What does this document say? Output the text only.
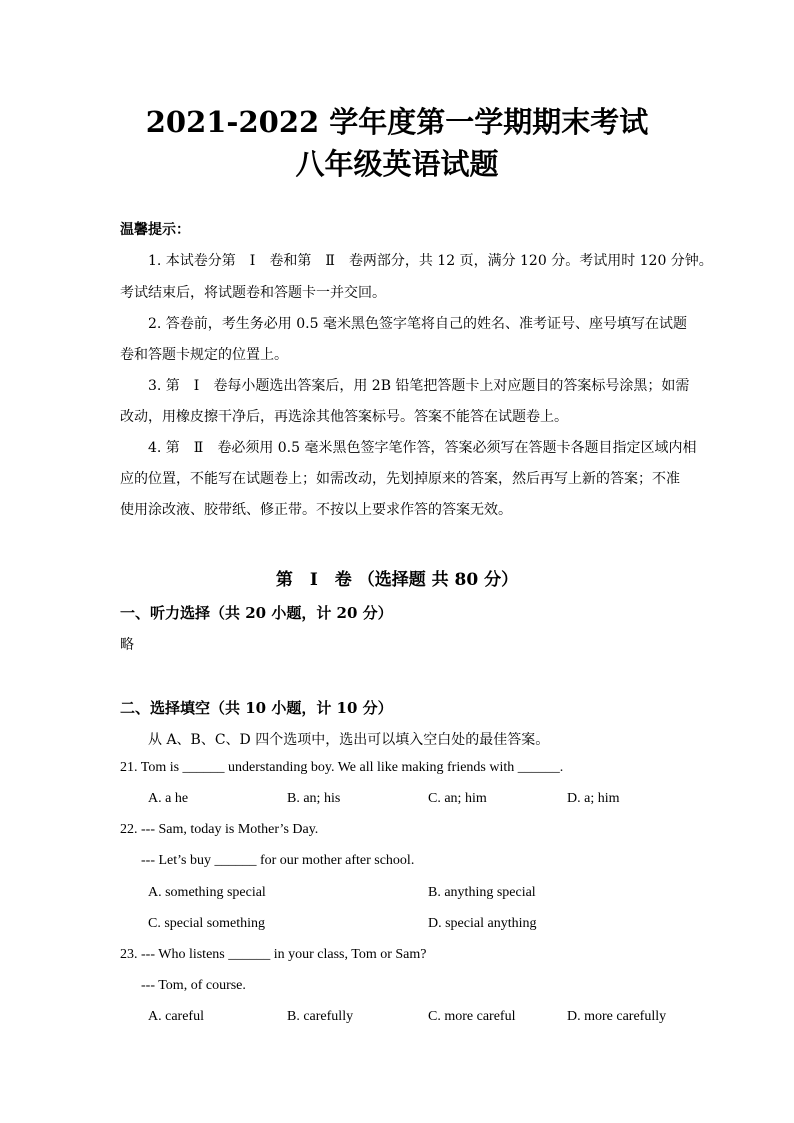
2021-2022 学年度第一学期期末考试
八年级英语试题
温馨提示：
1. 本试卷分第　Ⅰ　卷和第　Ⅱ　卷两部分，共 12 页，满分 120 分。考试用时 120 分钟。
考试结束后，将试题卷和答题卡一并交回。
2. 答卷前，考生务必用 0.5 毫米黑色签字笔将自己的姓名、准考证号、座号填写在试题
卷和答题卡规定的位置上。
3. 第　Ⅰ　卷每小题选出答案后，用 2B 铅笔把答题卡上对应题目的答案标号涂黑；如需
改动，用橡皮擦干净后，再选涂其他答案标号。答案不能答在试题卷上。
4. 第　Ⅱ　卷必须用 0.5 毫米黑色签字笔作答，答案必须写在答题卡各题目指定区域内相
应的位置，不能写在试题卷上；如需改动，先划掉原来的答案，然后再写上新的答案；不准
使用涂改液、胶带纸、修正带。不按以上要求作答的答案无效。
第　Ⅰ　卷 （选择题 共 80 分）
一、听力选择（共 20 小题，计 20 分）
略
二、选择填空（共 10 小题，计 10 分）
从 A、B、C、D 四个选项中，选出可以填入空白处的最佳答案。
21. Tom is ______ understanding boy. We all like making friends with ______.
A. a he	B. an; his	C. an; him	D. a; him
22. --- Sam, today is Mother’s Day.
--- Let’s buy ______ for our mother after school.
A. something special	B. anything special
C. special something	D. special anything
23. --- Who listens ______ in your class, Tom or Sam?
--- Tom, of course.
A. careful	B. carefully	C. more careful	D. more carefully
